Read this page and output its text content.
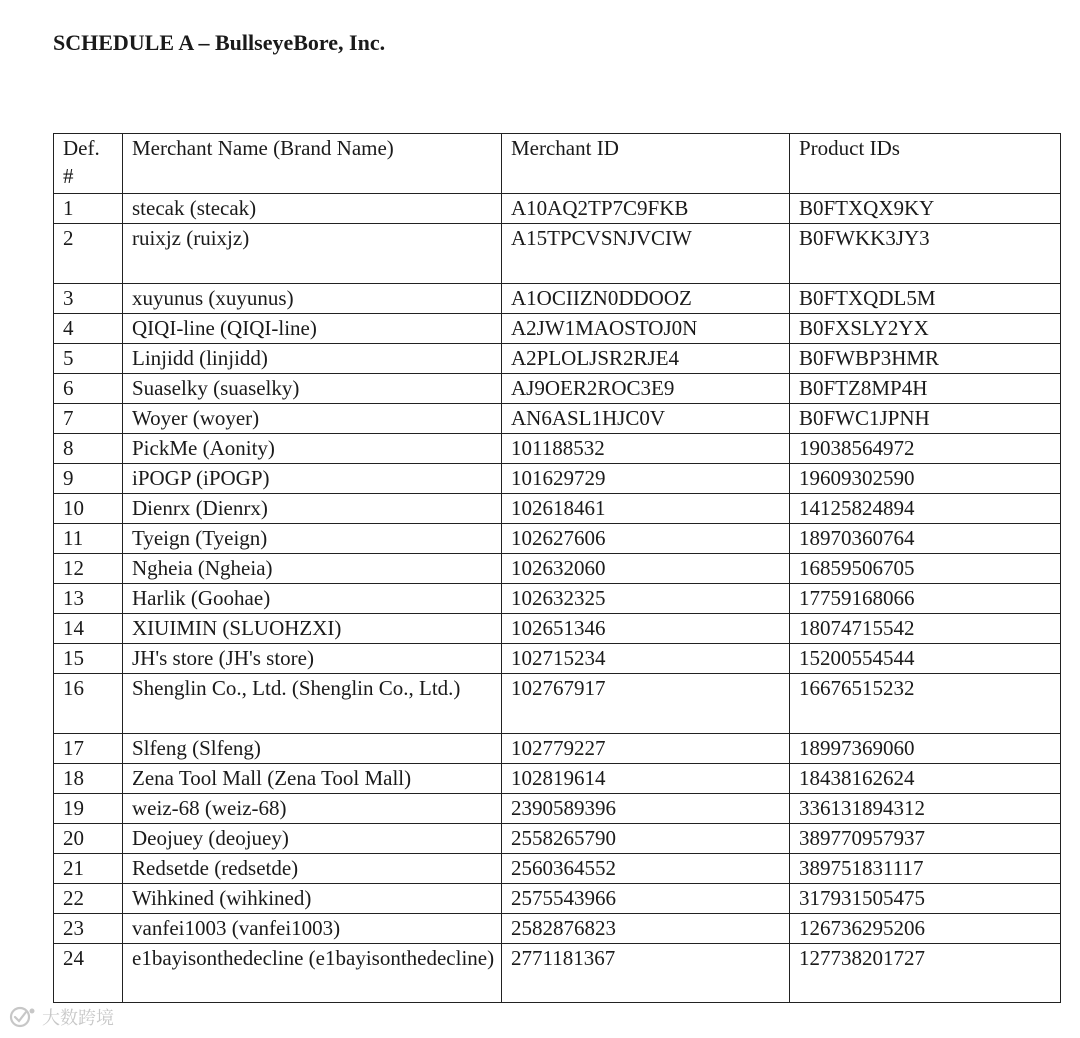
SCHEDULE A – BullseyeBore, Inc.
Def.
#	Merchant Name (Brand Name)	Merchant ID	Product IDs
1	stecak (stecak)	A10AQ2TP7C9FKB	B0FTXQX9KY
2	ruixjz (ruixjz)	A15TPCVSNJVCIW	B0FWKK3JY3
3	xuyunus (xuyunus)	A1OCIIZN0DDOOZ	B0FTXQDL5M
4	QIQI-line (QIQI-line)	A2JW1MAOSTOJ0N	B0FXSLY2YX
5	Linjidd (linjidd)	A2PLOLJSR2RJE4	B0FWBP3HMR
6	Suaselky (suaselky)	AJ9OER2ROC3E9	B0FTZ8MP4H
7	Woyer (woyer)	AN6ASL1HJC0V	B0FWC1JPNH
8	PickMe (Aonity)	101188532	19038564972
9	iPOGP (iPOGP)	101629729	19609302590
10	Dienrx (Dienrx)	102618461	14125824894
11	Tyeign (Tyeign)	102627606	18970360764
12	Ngheia (Ngheia)	102632060	16859506705
13	Harlik (Goohae)	102632325	17759168066
14	XIUIMIN (SLUOHZXI)	102651346	18074715542
15	JH's store (JH's store)	102715234	15200554544
16	Shenglin Co., Ltd. (Shenglin Co., Ltd.)	102767917	16676515232
17	Slfeng (Slfeng)	102779227	18997369060
18	Zena Tool Mall (Zena Tool Mall)	102819614	18438162624
19	weiz-68 (weiz-68)	2390589396	336131894312
20	Deojuey (deojuey)	2558265790	389770957937
21	Redsetde (redsetde)	2560364552	389751831117
22	Wihkined (wihkined)	2575543966	317931505475
23	vanfei1003 (vanfei1003)	2582876823	126736295206
24	e1bayisonthedecline (e1bayisonthedecline)	2771181367	127738201727
大数跨境
